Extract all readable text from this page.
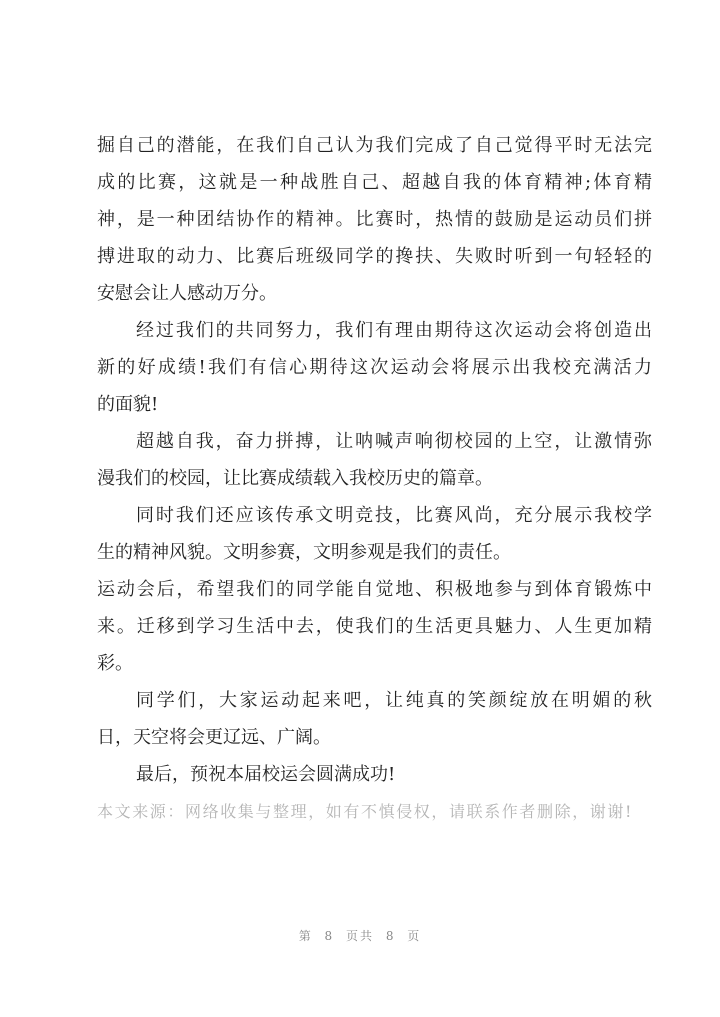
掘自己的潜能，在我们自己认为我们完成了自己觉得平时无法完
成的比赛，这就是一种战胜自己、超越自我的体育精神;体育精
神，是一种团结协作的精神。比赛时，热情的鼓励是运动员们拼
搏进取的动力、比赛后班级同学的搀扶、失败时听到一句轻轻的
安慰会让人感动万分。
经过我们的共同努力，我们有理由期待这次运动会将创造出
新的好成绩!我们有信心期待这次运动会将展示出我校充满活力
的面貌!
超越自我，奋力拼搏，让呐喊声响彻校园的上空，让激情弥
漫我们的校园，让比赛成绩载入我校历史的篇章。
同时我们还应该传承文明竞技，比赛风尚，充分展示我校学
生的精神风貌。文明参赛，文明参观是我们的责任。
运动会后，希望我们的同学能自觉地、积极地参与到体育锻炼中
来。迁移到学习生活中去，使我们的生活更具魅力、人生更加精
彩。
同学们，大家运动起来吧，让纯真的笑颜绽放在明媚的秋
日，天空将会更辽远、广阔。
最后，预祝本届校运会圆满成功!
本文来源：网络收集与整理，如有不慎侵权，请联系作者删除，谢谢!
第 8 页共 8 页
